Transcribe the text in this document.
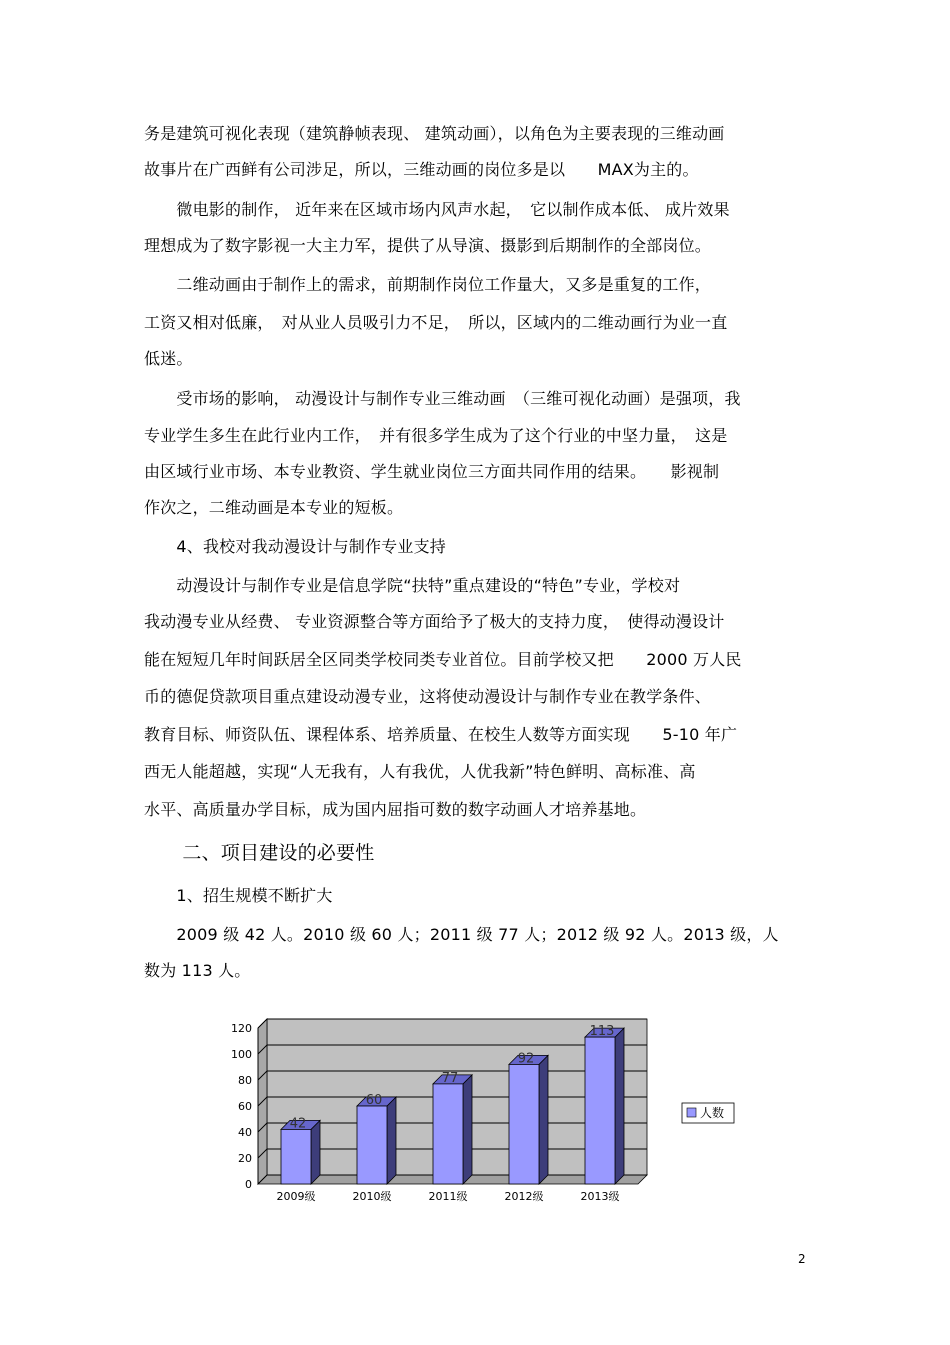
务是建筑可视化表现（建筑静帧表现、 建筑动画），以角色为主要表现的三维动画
故事片在广西鲜有公司涉足，所以，三维动画的岗位多是以　　MAX为主的。
　　微电影的制作， 近年来在区域市场内风声水起，　它以制作成本低、 成片效果
理想成为了数字影视一大主力军，提供了从导演、摄影到后期制作的全部岗位。
　　二维动画由于制作上的需求，前期制作岗位工作量大，又多是重复的工作，
工资又相对低廉，　对从业人员吸引力不足，　所以，区域内的二维动画行为业一直
低迷。
　　受市场的影响， 动漫设计与制作专业三维动画　（三维可视化动画）是强项，我
专业学生多生在此行业内工作，　并有很多学生成为了这个行业的中坚力量，　这是
由区域行业市场、本专业教资、学生就业岗位三方面共同作用的结果。　　影视制
作次之，二维动画是本专业的短板。
　　4、我校对我动漫设计与制作专业支持
　　动漫设计与制作专业是信息学院“扶特”重点建设的“特色”专业，学校对
我动漫专业从经费、 专业资源整合等方面给予了极大的支持力度，　使得动漫设计
能在短短几年时间跃居全区同类学校同类专业首位。目前学校又把　　2000 万人民
币的德促贷款项目重点建设动漫专业，这将使动漫设计与制作专业在教学条件、
教育目标、师资队伍、课程体系、培养质量、在校生人数等方面实现　　5-10 年广
西无人能超越，实现“人无我有，人有我优，人优我新”特色鲜明、高标准、高
水平、高质量办学目标，成为国内屈指可数的数字动画人才培养基地。
　　二、项目建设的必要性
　　1、招生规模不断扩大
　　2009 级 42 人。2010 级 60 人；2011 级 77 人；2012 级 92 人。2013 级，人
数为 113 人。
0
20
40
60
80
100
120
42
2009级
60
2010级
77
2011级
92
2012级
113
2013级
人数
2
